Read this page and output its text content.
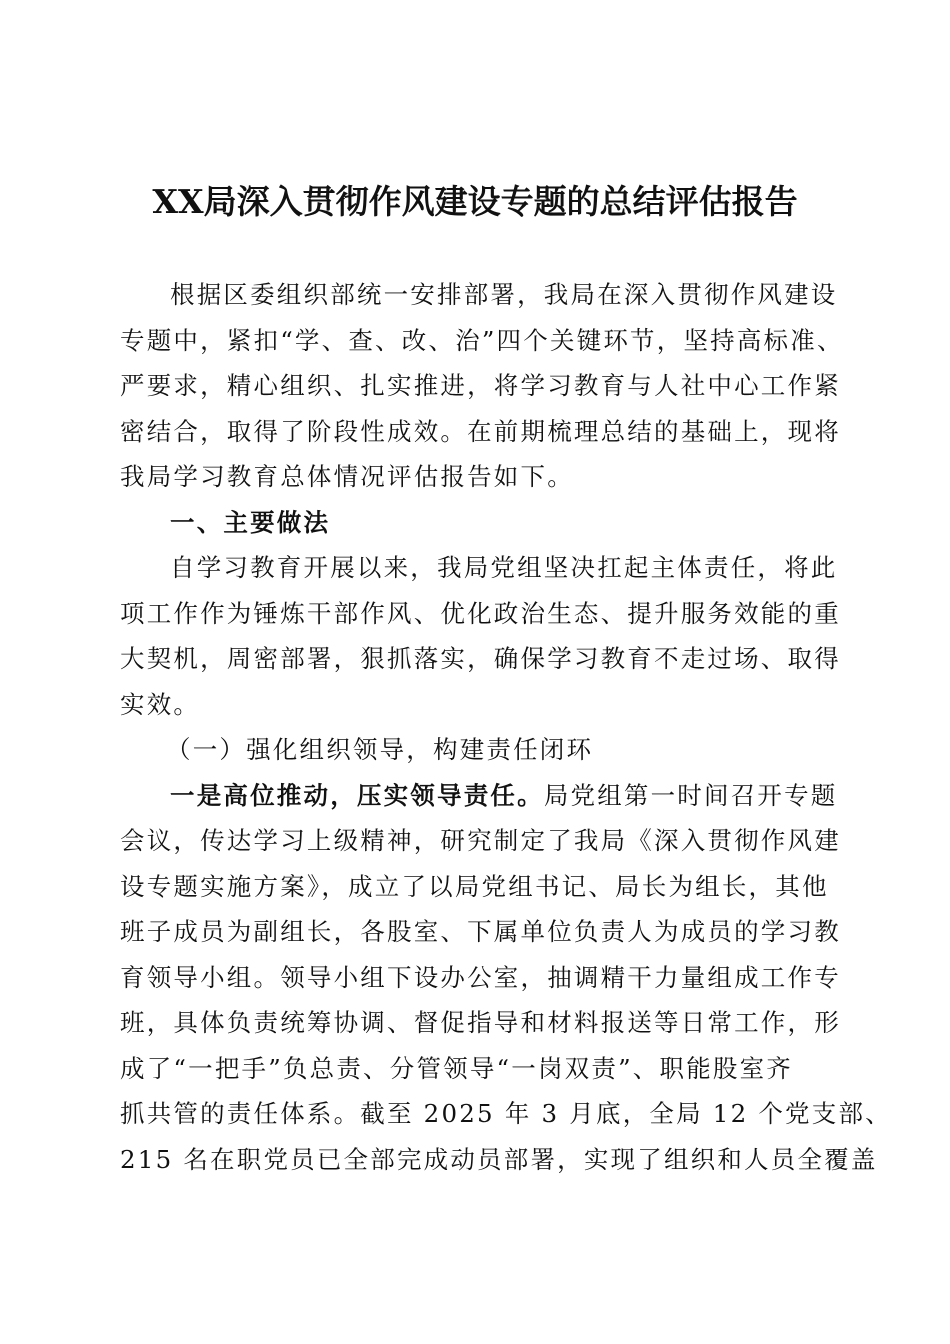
XX局深入贯彻作风建设专题的总结评估报告
根据区委组织部统一安排部署，我局在深入贯彻作风建设
专题中，紧扣“学、查、改、治”四个关键环节，坚持高标准、
严要求，精心组织、扎实推进，将学习教育与人社中心工作紧
密结合，取得了阶段性成效。在前期梳理总结的基础上，现将
我局学习教育总体情况评估报告如下。
一、主要做法
自学习教育开展以来，我局党组坚决扛起主体责任，将此
项工作作为锤炼干部作风、优化政治生态、提升服务效能的重
大契机，周密部署，狠抓落实，确保学习教育不走过场、取得
实效。
（一）强化组织领导，构建责任闭环
一是高位推动，压实领导责任。局党组第一时间召开专题
会议，传达学习上级精神，研究制定了我局《深入贯彻作风建
设专题实施方案》，成立了以局党组书记、局长为组长，其他
班子成员为副组长，各股室、下属单位负责人为成员的学习教
育领导小组。领导小组下设办公室，抽调精干力量组成工作专
班，具体负责统筹协调、督促指导和材料报送等日常工作，形
成了“一把手”负总责、分管领导“一岗双责”、职能股室齐
抓共管的责任体系。截至 2025 年 3 月底，全局 12 个党支部、
215 名在职党员已全部完成动员部署，实现了组织和人员全覆盖
